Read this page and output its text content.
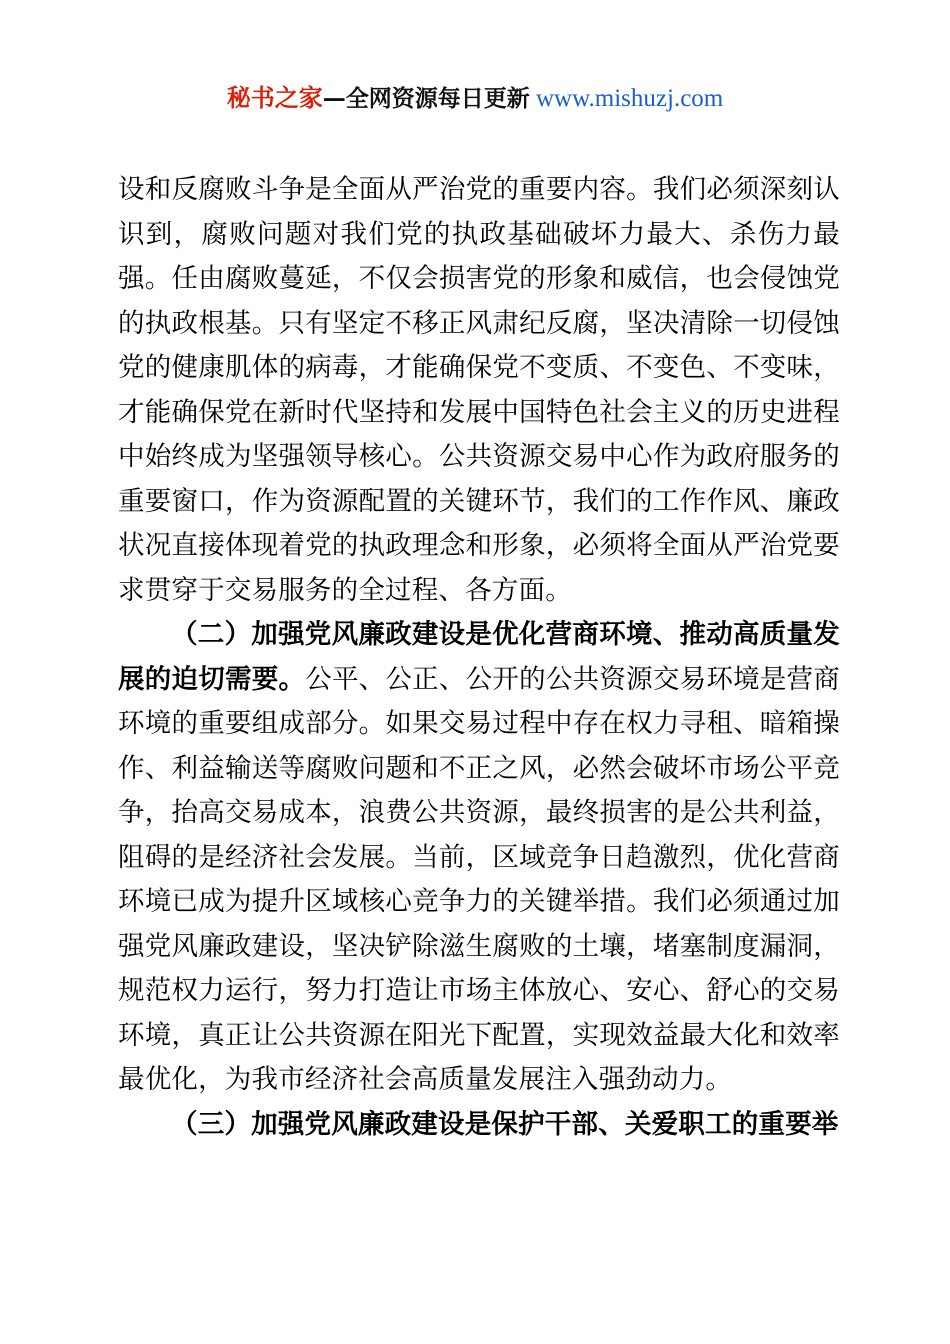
秘书之家—全网资源每日更新 www.mishuzj.com

设和反腐败斗争是全面从严治党的重要内容。我们必须深刻认识到，腐败问题对我们党的执政基础破坏力最大、杀伤力最强。任由腐败蔓延，不仅会损害党的形象和威信，也会侵蚀党的执政根基。只有坚定不移正风肃纪反腐，坚决清除一切侵蚀党的健康肌体的病毒，才能确保党不变质、不变色、不变味，才能确保党在新时代坚持和发展中国特色社会主义的历史进程中始终成为坚强领导核心。公共资源交易中心作为政府服务的重要窗口，作为资源配置的关键环节，我们的工作作风、廉政状况直接体现着党的执政理念和形象，必须将全面从严治党要求贯穿于交易服务的全过程、各方面。

（二）加强党风廉政建设是优化营商环境、推动高质量发展的迫切需要。公平、公正、公开的公共资源交易环境是营商环境的重要组成部分。如果交易过程中存在权力寻租、暗箱操作、利益输送等腐败问题和不正之风，必然会破坏市场公平竞争，抬高交易成本，浪费公共资源，最终损害的是公共利益，阻碍的是经济社会发展。当前，区域竞争日趋激烈，优化营商环境已成为提升区域核心竞争力的关键举措。我们必须通过加强党风廉政建设，坚决铲除滋生腐败的土壤，堵塞制度漏洞，规范权力运行，努力打造让市场主体放心、安心、舒心的交易环境，真正让公共资源在阳光下配置，实现效益最大化和效率最优化，为我市经济社会高质量发展注入强劲动力。

（三）加强党风廉政建设是保护干部、关爱职工的重要举
